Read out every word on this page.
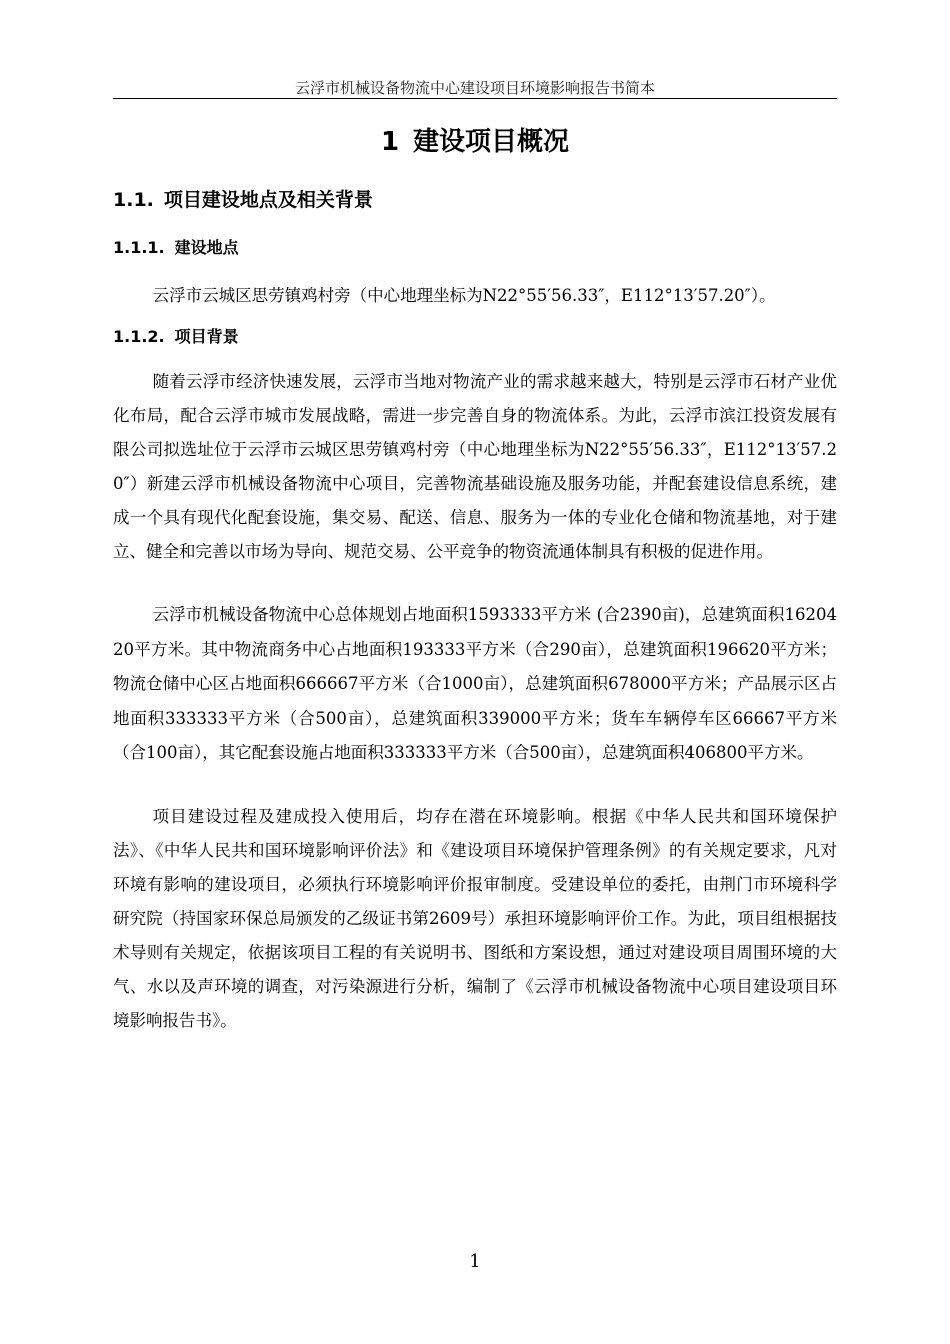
云浮市机械设备物流中心建设项目环境影响报告书简本
1 建设项目概况
1.1. 项目建设地点及相关背景
1.1.1. 建设地点

云浮市云城区思劳镇鸡村旁（中心地理坐标为N22°55′56.33″，E112°13′57.20″）。

1.1.2. 项目背景

随着云浮市经济快速发展，云浮市当地对物流产业的需求越来越大，特别是云浮市石材产业优化布局，配合云浮市城市发展战略，需进一步完善自身的物流体系。为此，云浮市滨江投资发展有限公司拟选址位于云浮市云城区思劳镇鸡村旁（中心地理坐标为N22°55′56.33″，E112°13′57.20″）新建云浮市机械设备物流中心项目，完善物流基础设施及服务功能，并配套建设信息系统，建成一个具有现代化配套设施，集交易、配送、信息、服务为一体的专业化仓储和物流基地，对于建立、健全和完善以市场为导向、规范交易、公平竞争的物资流通体制具有积极的促进作用。

云浮市机械设备物流中心总体规划占地面积1593333平方米 (合2390亩)，总建筑面积1620420平方米。其中物流商务中心占地面积193333平方米（合290亩），总建筑面积196620平方米；物流仓储中心区占地面积666667平方米（合1000亩），总建筑面积678000平方米；产品展示区占地面积333333平方米（合500亩），总建筑面积339000平方米；货车车辆停车区66667平方米（合100亩），其它配套设施占地面积333333平方米（合500亩），总建筑面积406800平方米。

项目建设过程及建成投入使用后，均存在潜在环境影响。根据《中华人民共和国环境保护法》、《中华人民共和国环境影响评价法》和《建设项目环境保护管理条例》的有关规定要求，凡对环境有影响的建设项目，必须执行环境影响评价报审制度。受建设单位的委托，由荆门市环境科学研究院（持国家环保总局颁发的乙级证书第2609号）承担环境影响评价工作。为此，项目组根据技术导则有关规定，依据该项目工程的有关说明书、图纸和方案设想，通过对建设项目周围环境的大气、水以及声环境的调查，对污染源进行分析，编制了《云浮市机械设备物流中心项目建设项目环境影响报告书》。

1
